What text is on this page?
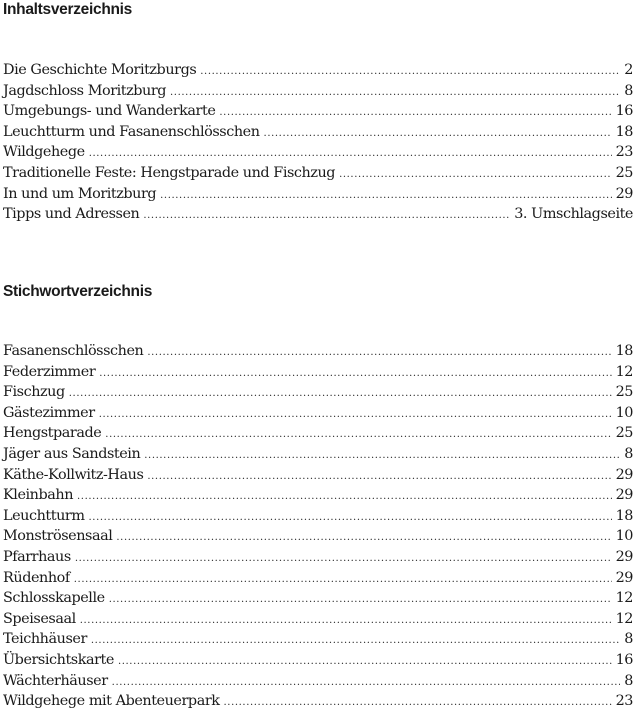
Inhaltsverzeichnis
Die Geschichte Moritzburgs .....	2
Jagdschloss Moritzburg .....	8
Umgebungs- und Wanderkarte .....	16
Leuchtturm und Fasanenschlösschen .....	18
Wildgehege .....	23
Traditionelle Feste: Hengstparade und Fischzug .....	25
In und um Moritzburg .....	29
Tipps und Adressen .....	3. Umschlagseite
Stichwortverzeichnis
Fasanenschlösschen .....	18
Federzimmer .....	12
Fischzug .....	25
Gästezimmer .....	10
Hengstparade .....	25
Jäger aus Sandstein .....	8
Käthe-Kollwitz-Haus .....	29
Kleinbahn .....	29
Leuchtturm .....	18
Monströsensaal .....	10
Pfarrhaus .....	29
Rüdenhof .....	29
Schlosskapelle .....	12
Speisesaal .....	12
Teichhäuser .....	8
Übersichtskarte .....	16
Wächterhäuser .....	8
Wildgehege mit Abenteuerpark .....	23
